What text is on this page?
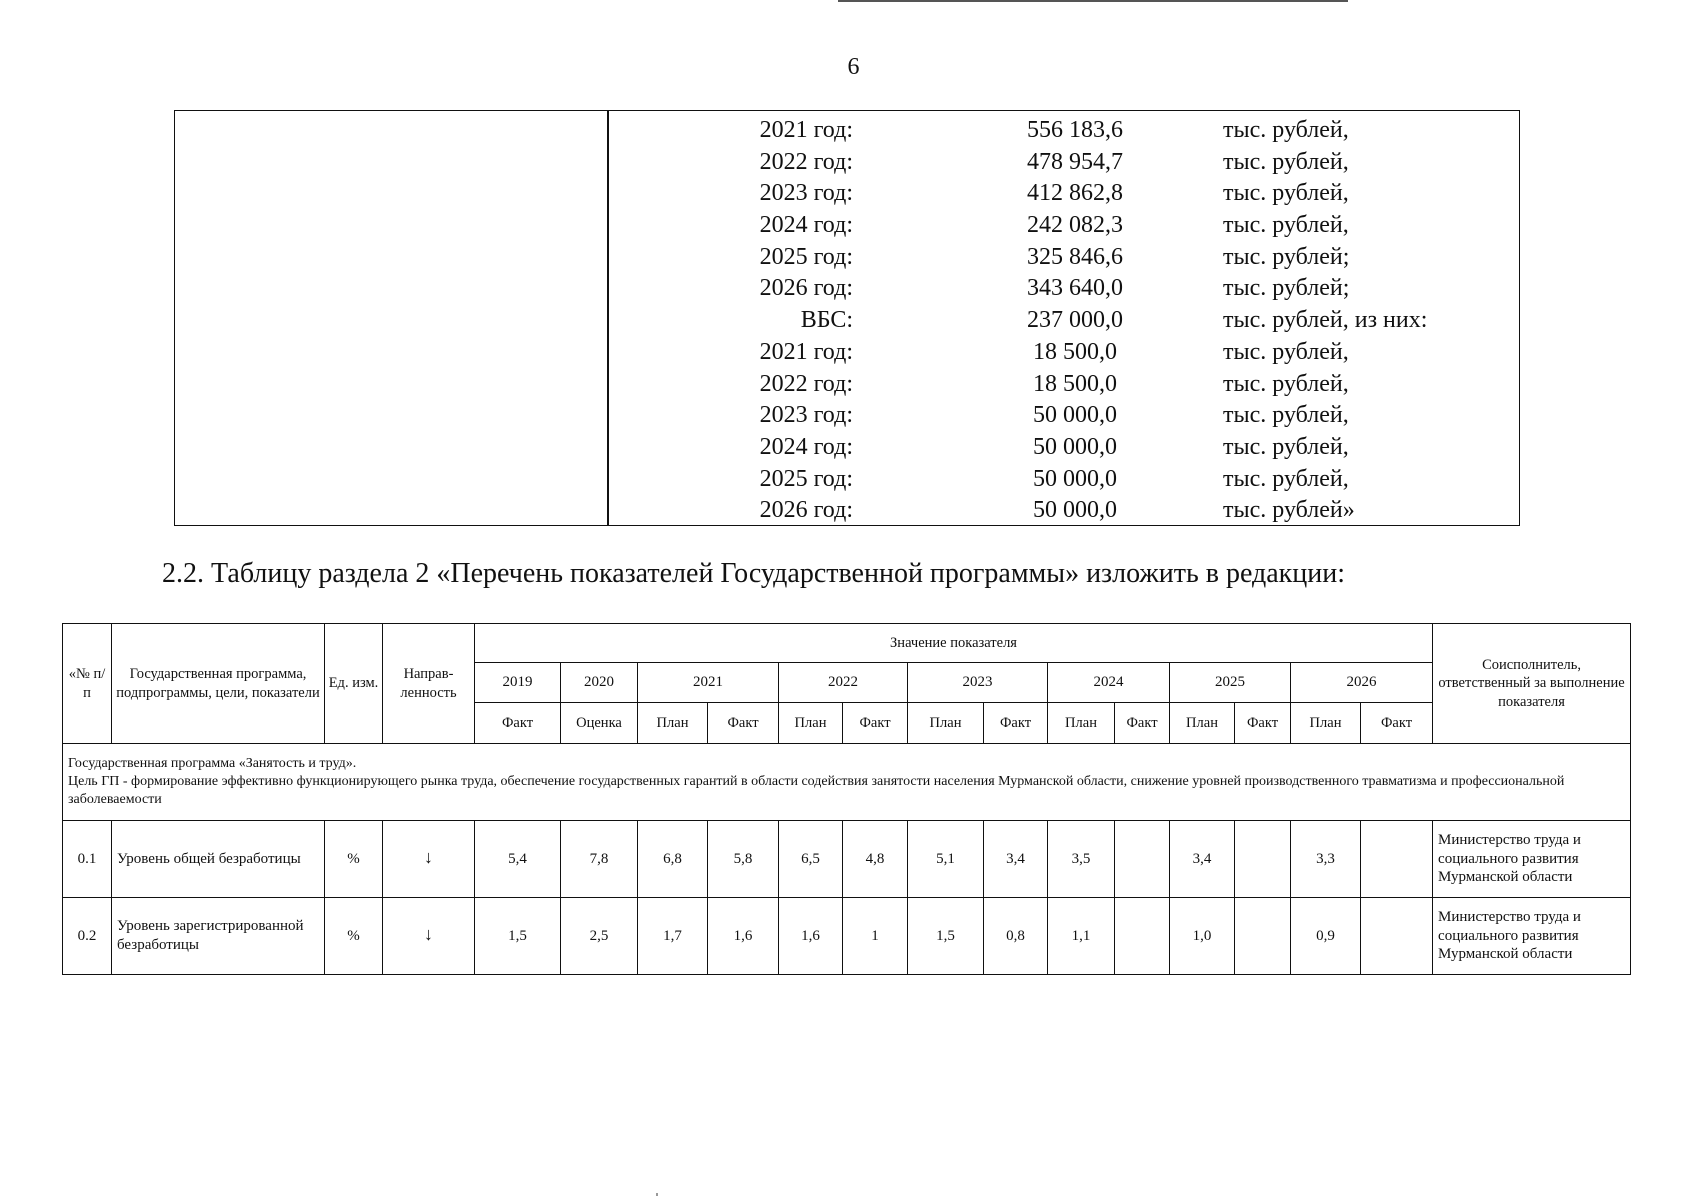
6
2021 год:	556 183,6	тыс. рублей,
2022 год:	478 954,7	тыс. рублей,
2023 год:	412 862,8	тыс. рублей,
2024 год:	242 082,3	тыс. рублей,
2025 год:	325 846,6	тыс. рублей;
2026 год:	343 640,0	тыс. рублей;
ВБС:	237 000,0	тыс. рублей, из них:
2021 год:	18 500,0	тыс. рублей,
2022 год:	18 500,0	тыс. рублей,
2023 год:	50 000,0	тыс. рублей,
2024 год:	50 000,0	тыс. рублей,
2025 год:	50 000,0	тыс. рублей,
2026 год:	50 000,0	тыс. рублей»
2.2. Таблицу раздела 2 «Перечень показателей Государственной программы» изложить в редакции:
«№ п/п	Государственная программа, подпрограммы, цели, показатели	Ед. изм.	Направ-ленность	Значение показателя														Соисполнитель, ответственный за выполнение показателя
				2019	2020	2021		2022		2023		2024		2025		2026		
				Факт	Оценка	План	Факт	План	Факт	План	Факт	План	Факт	План	Факт	План	Факт	

Государственная программа «Занятость и труд».
Цель ГП - формирование эффективно функционирующего рынка труда, обеспечение государственных гарантий в области содействия занятости населения Мурманской области, снижение уровней производственного травматизма и профессиональной заболеваемости																		

0.1	Уровень общей безработицы	%	↓	5,4	7,8	6,8	5,8	6,5	4,8	5,1	3,4	3,5		3,4		3,3		Министерство труда и социального развития Мурманской области
0.2	Уровень зарегистрированной безработицы	%	↓	1,5	2,5	1,7	1,6	1,6	1	1,5	0,8	1,1		1,0		0,9		Министерство труда и социального развития Мурманской области
